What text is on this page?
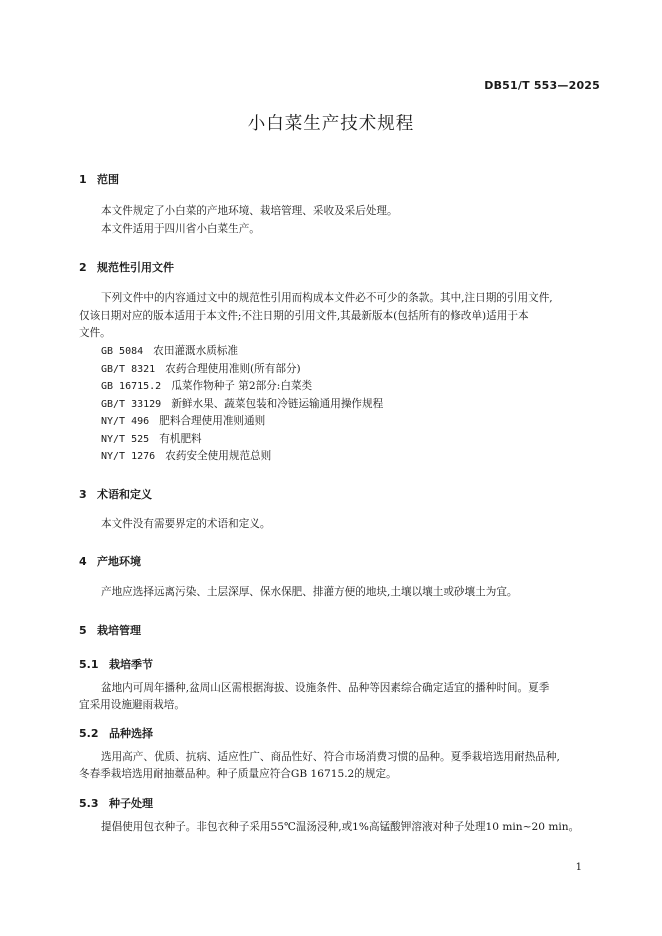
DB51/T 553—2025
小白菜生产技术规程
1 范围
本文件规定了小白菜的产地环境、栽培管理、采收及采后处理。
本文件适用于四川省小白菜生产。
2 规范性引用文件
下列文件中的内容通过文中的规范性引用而构成本文件必不可少的条款。其中,注日期的引用文件,
仅该日期对应的版本适用于本文件;不注日期的引用文件,其最新版本(包括所有的修改单)适用于本
文件。
GB 5084 农田灌溉水质标准
GB/T 8321 农药合理使用准则(所有部分)
GB 16715.2 瓜菜作物种子 第2部分:白菜类
GB/T 33129 新鲜水果、蔬菜包装和冷链运输通用操作规程
NY/T 496 肥料合理使用准则通则
NY/T 525 有机肥料
NY/T 1276 农药安全使用规范总则
3 术语和定义
本文件没有需要界定的术语和定义。
4 产地环境
产地应选择远离污染、土层深厚、保水保肥、排灌方便的地块,土壤以壤土或砂壤土为宜。
5 栽培管理
5.1 栽培季节
盆地内可周年播种,盆周山区需根据海拔、设施条件、品种等因素综合确定适宜的播种时间。夏季
宜采用设施避雨栽培。
5.2 品种选择
选用高产、优质、抗病、适应性广、商品性好、符合市场消费习惯的品种。夏季栽培选用耐热品种,
冬春季栽培选用耐抽薹品种。种子质量应符合GB 16715.2的规定。
5.3 种子处理
提倡使用包衣种子。非包衣种子采用55℃温汤浸种,或1%高锰酸钾溶液对种子处理10 min~20 min。
1
